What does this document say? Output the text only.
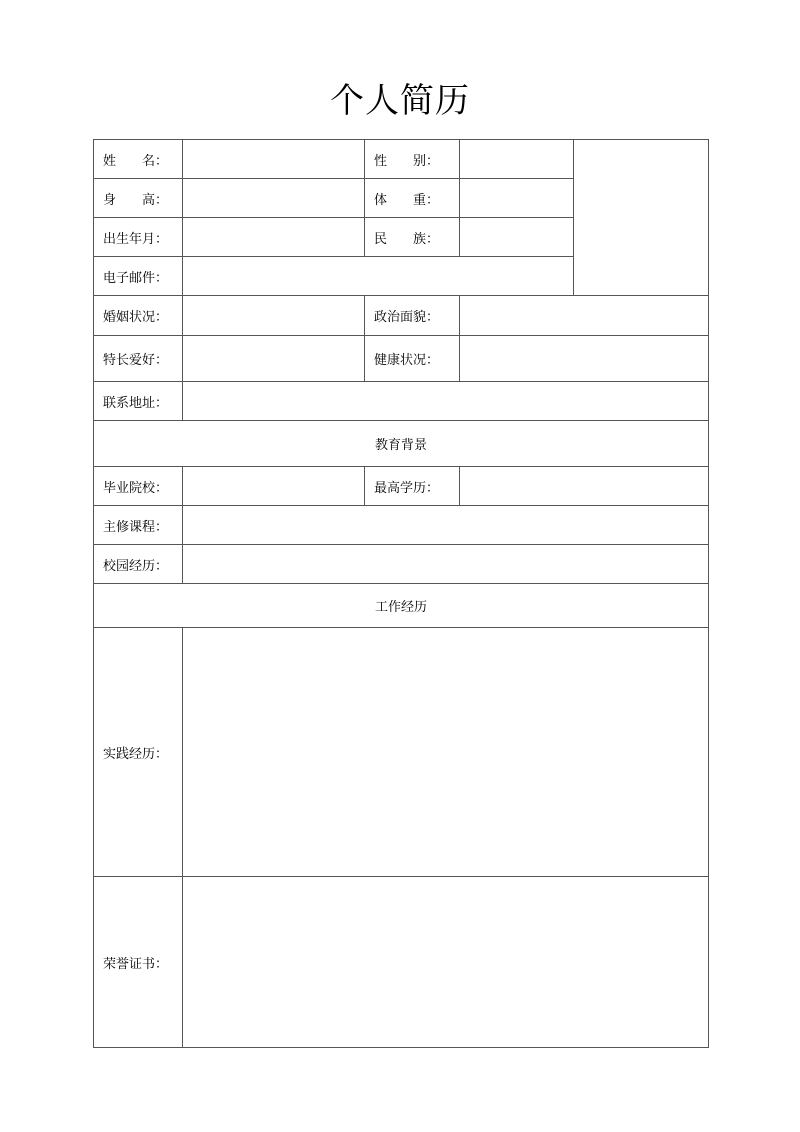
个人简历
姓　　名：		性　　别：		
身　　高：		体　　重：		
出生年月：		民　　族：		
电子邮件：				
婚姻状况：		政治面貌：		
特长爱好：		健康状况：		
联系地址：				
教育背景				
毕业院校：		最高学历：		
主修课程：				
校园经历：				
工作经历				
实践经历：				
荣誉证书：				
